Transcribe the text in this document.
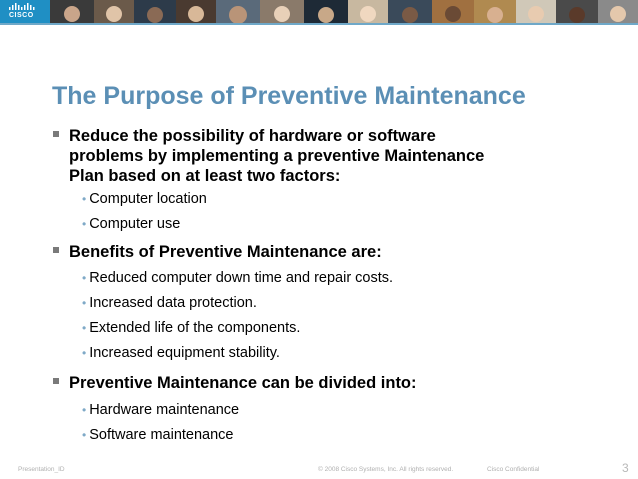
CISCO
The Purpose of Preventive Maintenance
Reduce the possibility of hardware or software
problems by implementing a preventive Maintenance
Plan based on at least two factors:
• Computer location
• Computer use
Benefits of Preventive Maintenance are:
• Reduced computer down time and repair costs.
• Increased data protection.
• Extended life of the components.
• Increased equipment stability.
Preventive Maintenance can be divided into:
• Hardware maintenance
• Software maintenance
Presentation_ID	© 2008 Cisco Systems, Inc. All rights reserved.	Cisco Confidential	3
